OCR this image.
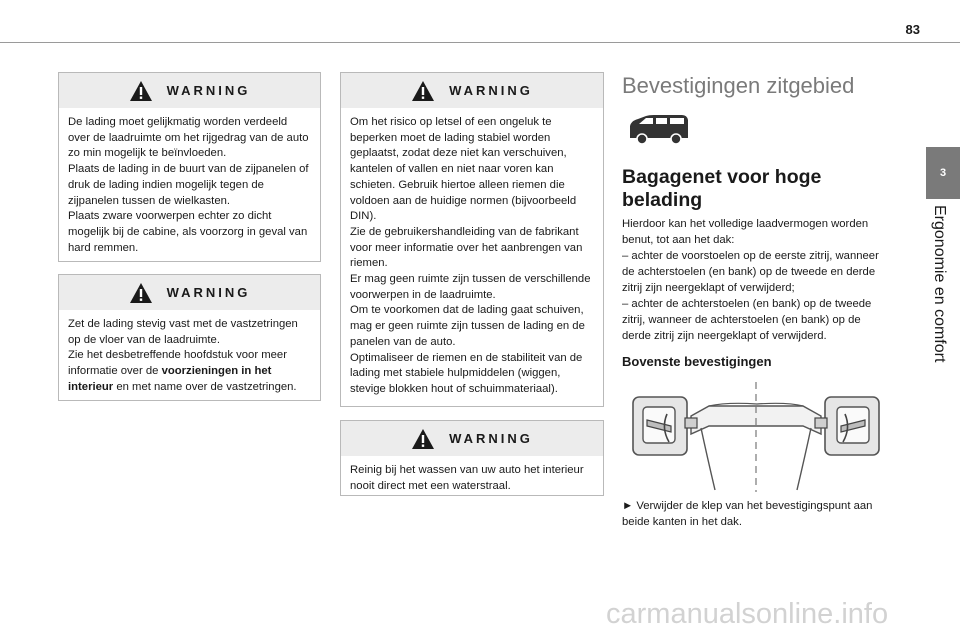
83
3
Ergonomie en comfort
WARNING

De lading moet gelijkmatig worden verdeeld over de laadruimte om het rijgedrag van de auto zo min mogelijk te beïnvloeden.

Plaats de lading in de buurt van de zijpanelen of druk de lading indien mogelijk tegen de zijpanelen tussen de wielkasten.

Plaats zware voorwerpen echter zo dicht mogelijk bij de cabine, als voorzorg in geval van hard remmen.

WARNING

Zet de lading stevig vast met de vastzetringen op de vloer van de laadruimte.

Zie het desbetreffende hoofdstuk voor meer informatie over de voorzieningen in het interieur en met name over de vastzetringen.

WARNING

Om het risico op letsel of een ongeluk te beperken moet de lading stabiel worden geplaatst, zodat deze niet kan verschuiven, kantelen of vallen en niet naar voren kan schieten. Gebruik hiertoe alleen riemen die voldoen aan de huidige normen (bijvoorbeeld DIN).

Zie de gebruikershandleiding van de fabrikant voor meer informatie over het aanbrengen van riemen.

Er mag geen ruimte zijn tussen de verschillende voorwerpen in de laadruimte.

Om te voorkomen dat de lading gaat schuiven, mag er geen ruimte zijn tussen de lading en de panelen van de auto.

Optimaliseer de riemen en de stabiliteit van de lading met stabiele hulpmiddelen (wiggen, stevige blokken hout of schuimmateriaal).

WARNING

Reinig bij het wassen van uw auto het interieur nooit direct met een waterstraal.

Bevestigingen zitgebied
Bagagenet voor hoge belading

Hierdoor kan het volledige laadvermogen worden benut, tot aan het dak:

– achter de voorstoelen op de eerste zitrij, wanneer de achterstoelen (en bank) op de tweede en derde zitrij zijn neergeklapt of verwijderd;

– achter de achterstoelen (en bank) op de tweede zitrij, wanneer de achterstoelen (en bank) op de derde zitrij zijn neergeklapt of verwijderd.

Bovenste bevestigingen
► Verwijder de klep van het bevestigingspunt aan beide kanten in het dak.
carmanualsonline.info
